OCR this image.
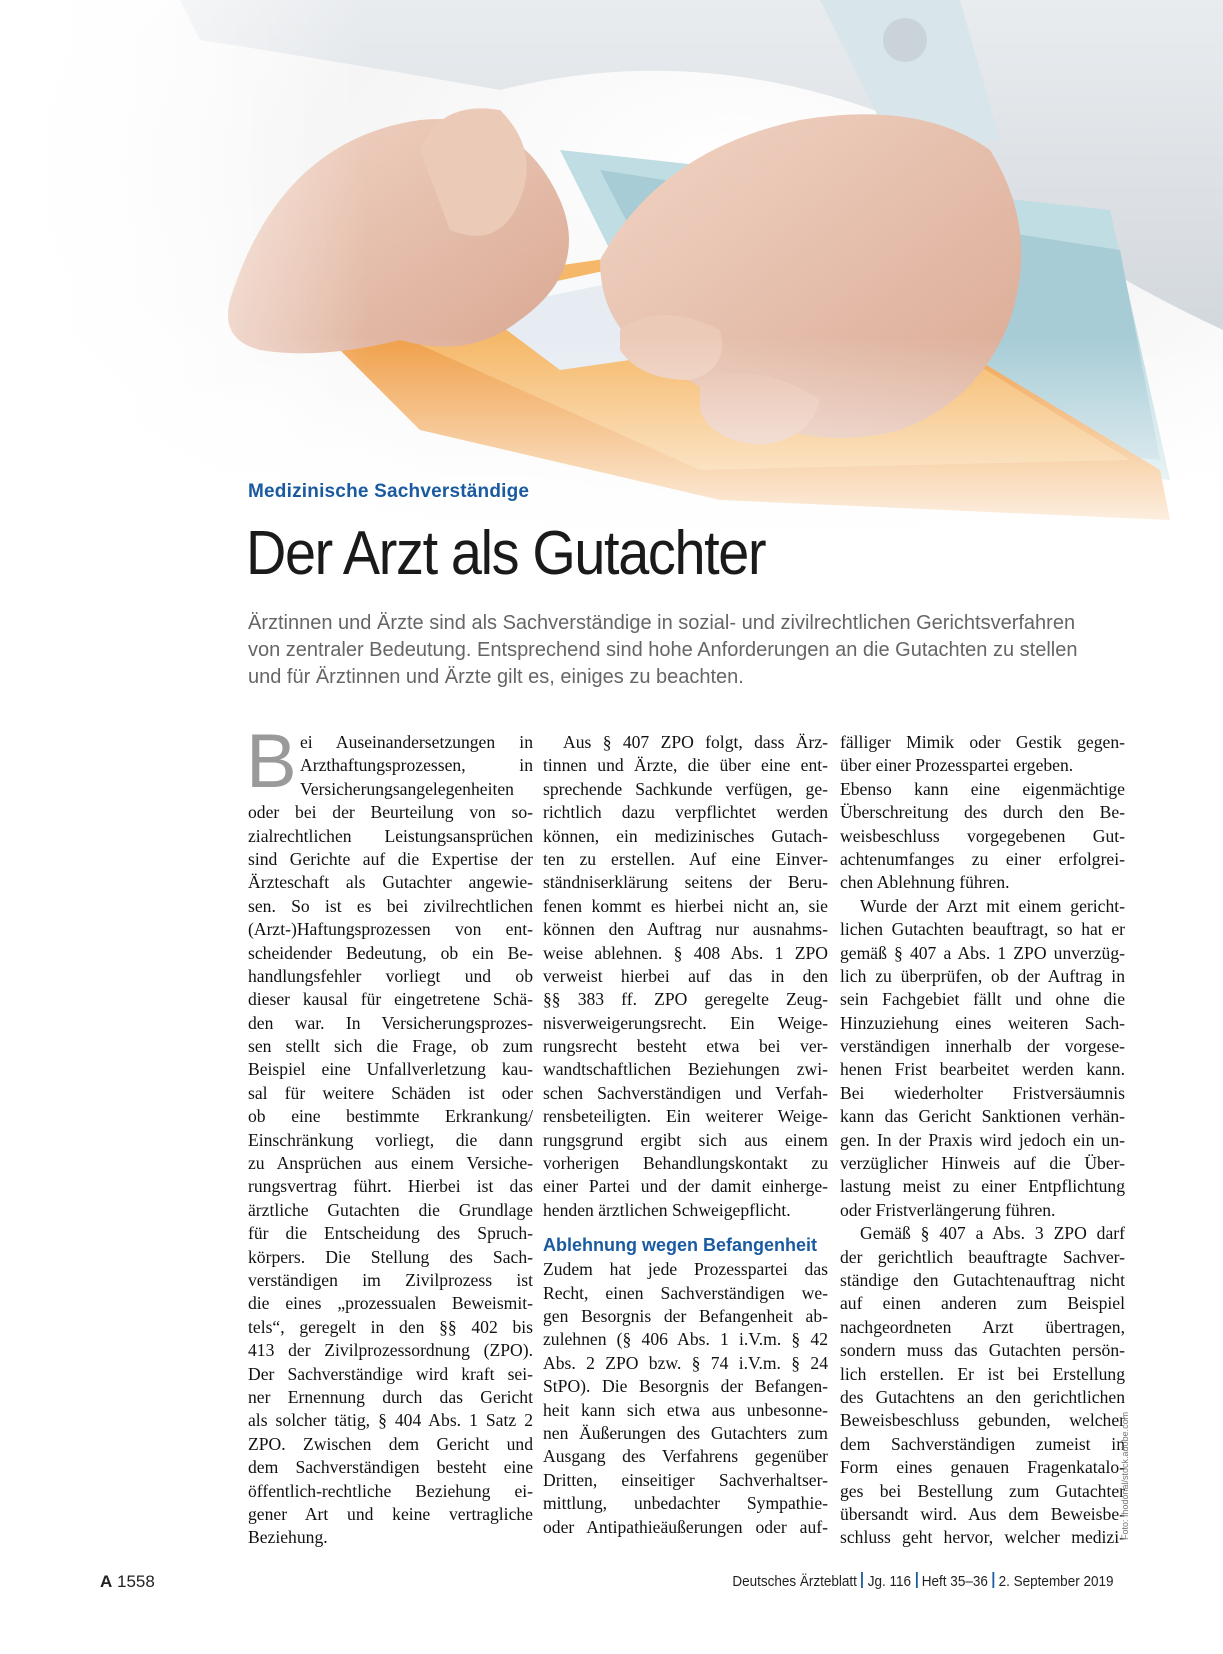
Medizinische Sachverständige
Der Arzt als Gutachter
Ärztinnen und Ärzte sind als Sachverständige in sozial- und zivilrechtlichen Gerichtsverfahren
von zentraler Bedeutung. Entsprechend sind hohe Anforderungen an die Gutachten zu stellen
und für Ärztinnen und Ärzte gilt es, einiges zu beachten.
B ei Auseinandersetzungen in
Arzthaftungsprozessen, in
Versicherungsangelegenheiten
oder bei der Beurteilung von so-
zialrechtlichen Leistungsansprüchen
sind Gerichte auf die Expertise der
Ärzteschaft als Gutachter angewie-
sen. So ist es bei zivilrechtlichen
(Arzt-)Haftungsprozessen von ent-
scheidender Bedeutung, ob ein Be-
handlungsfehler vorliegt und ob
dieser kausal für eingetretene Schä-
den war. In Versicherungsprozes-
sen stellt sich die Frage, ob zum
Beispiel eine Unfallverletzung kau-
sal für weitere Schäden ist oder
ob eine bestimmte Erkrankung/
Einschränkung vorliegt, die dann
zu Ansprüchen aus einem Versiche-
rungsvertrag führt. Hierbei ist das
ärztliche Gutachten die Grundlage
für die Entscheidung des Spruch-
körpers. Die Stellung des Sach-
verständigen im Zivilprozess ist
die eines „prozessualen Beweismit-
tels“, geregelt in den §§ 402 bis
413 der Zivilprozessordnung (ZPO).
Der Sachverständige wird kraft sei-
ner Ernennung durch das Gericht
als solcher tätig, § 404 Abs. 1 Satz 2
ZPO. Zwischen dem Gericht und
dem Sachverständigen besteht eine
öffentlich-rechtliche Beziehung ei-
gener Art und keine vertragliche
Beziehung.
Aus § 407 ZPO folgt, dass Ärz-
tinnen und Ärzte, die über eine ent-
sprechende Sachkunde verfügen, ge-
richtlich dazu verpflichtet werden
können, ein medizinisches Gutach-
ten zu erstellen. Auf eine Einver-
ständniserklärung seitens der Beru-
fenen kommt es hierbei nicht an, sie
können den Auftrag nur ausnahms-
weise ablehnen. § 408 Abs. 1 ZPO
verweist hierbei auf das in den
§§ 383 ff. ZPO geregelte Zeug-
nisverweigerungsrecht. Ein Weige-
rungsrecht besteht etwa bei ver-
wandtschaftlichen Beziehungen zwi-
schen Sachverständigen und Verfah-
rensbeteiligten. Ein weiterer Weige-
rungsgrund ergibt sich aus einem
vorherigen Behandlungskontakt zu
einer Partei und der damit einherge-
henden ärztlichen Schweigepflicht.
Ablehnung wegen Befangenheit
Zudem hat jede Prozesspartei das
Recht, einen Sachverständigen we-
gen Besorgnis der Befangenheit ab-
zulehnen (§ 406 Abs. 1 i.V.m. § 42
Abs. 2 ZPO bzw. § 74 i.V.m. § 24
StPO). Die Besorgnis der Befangen-
heit kann sich etwa aus unbesonne-
nen Äußerungen des Gutachters zum
Ausgang des Verfahrens gegenüber
Dritten, einseitiger Sachverhaltser-
mittlung, unbedachter Sympathie-
oder Antipathieäußerungen oder auf-
fälliger Mimik oder Gestik gegen-
über einer Prozesspartei ergeben.
Ebenso kann eine eigenmächtige
Überschreitung des durch den Be-
weisbeschluss vorgegebenen Gut-
achtenumfanges zu einer erfolgrei-
chen Ablehnung führen.
Wurde der Arzt mit einem gericht-
lichen Gutachten beauftragt, so hat er
gemäß § 407 a Abs. 1 ZPO unverzüg-
lich zu überprüfen, ob der Auftrag in
sein Fachgebiet fällt und ohne die
Hinzuziehung eines weiteren Sach-
verständigen innerhalb der vorgese-
henen Frist bearbeitet werden kann.
Bei wiederholter Fristversäumnis
kann das Gericht Sanktionen verhän-
gen. In der Praxis wird jedoch ein un-
verzüglicher Hinweis auf die Über-
lastung meist zu einer Entpflichtung
oder Fristverlängerung führen.
Gemäß § 407 a Abs. 3 ZPO darf
der gerichtlich beauftragte Sachver-
ständige den Gutachtenauftrag nicht
auf einen anderen zum Beispiel
nachgeordneten Arzt übertragen,
sondern muss das Gutachten persön-
lich erstellen. Er ist bei Erstellung
des Gutachtens an den gerichtlichen
Beweisbeschluss gebunden, welcher
dem Sachverständigen zumeist in
Form eines genauen Fragenkatalo-
ges bei Bestellung zum Gutachter
übersandt wird. Aus dem Beweisbe-
schluss geht hervor, welcher medizi-
Foto: fhodonal/stock.adobe.com
A 1558	Deutsches Ärzteblatt Jg. 116 Heft 35–36 2. September 2019
